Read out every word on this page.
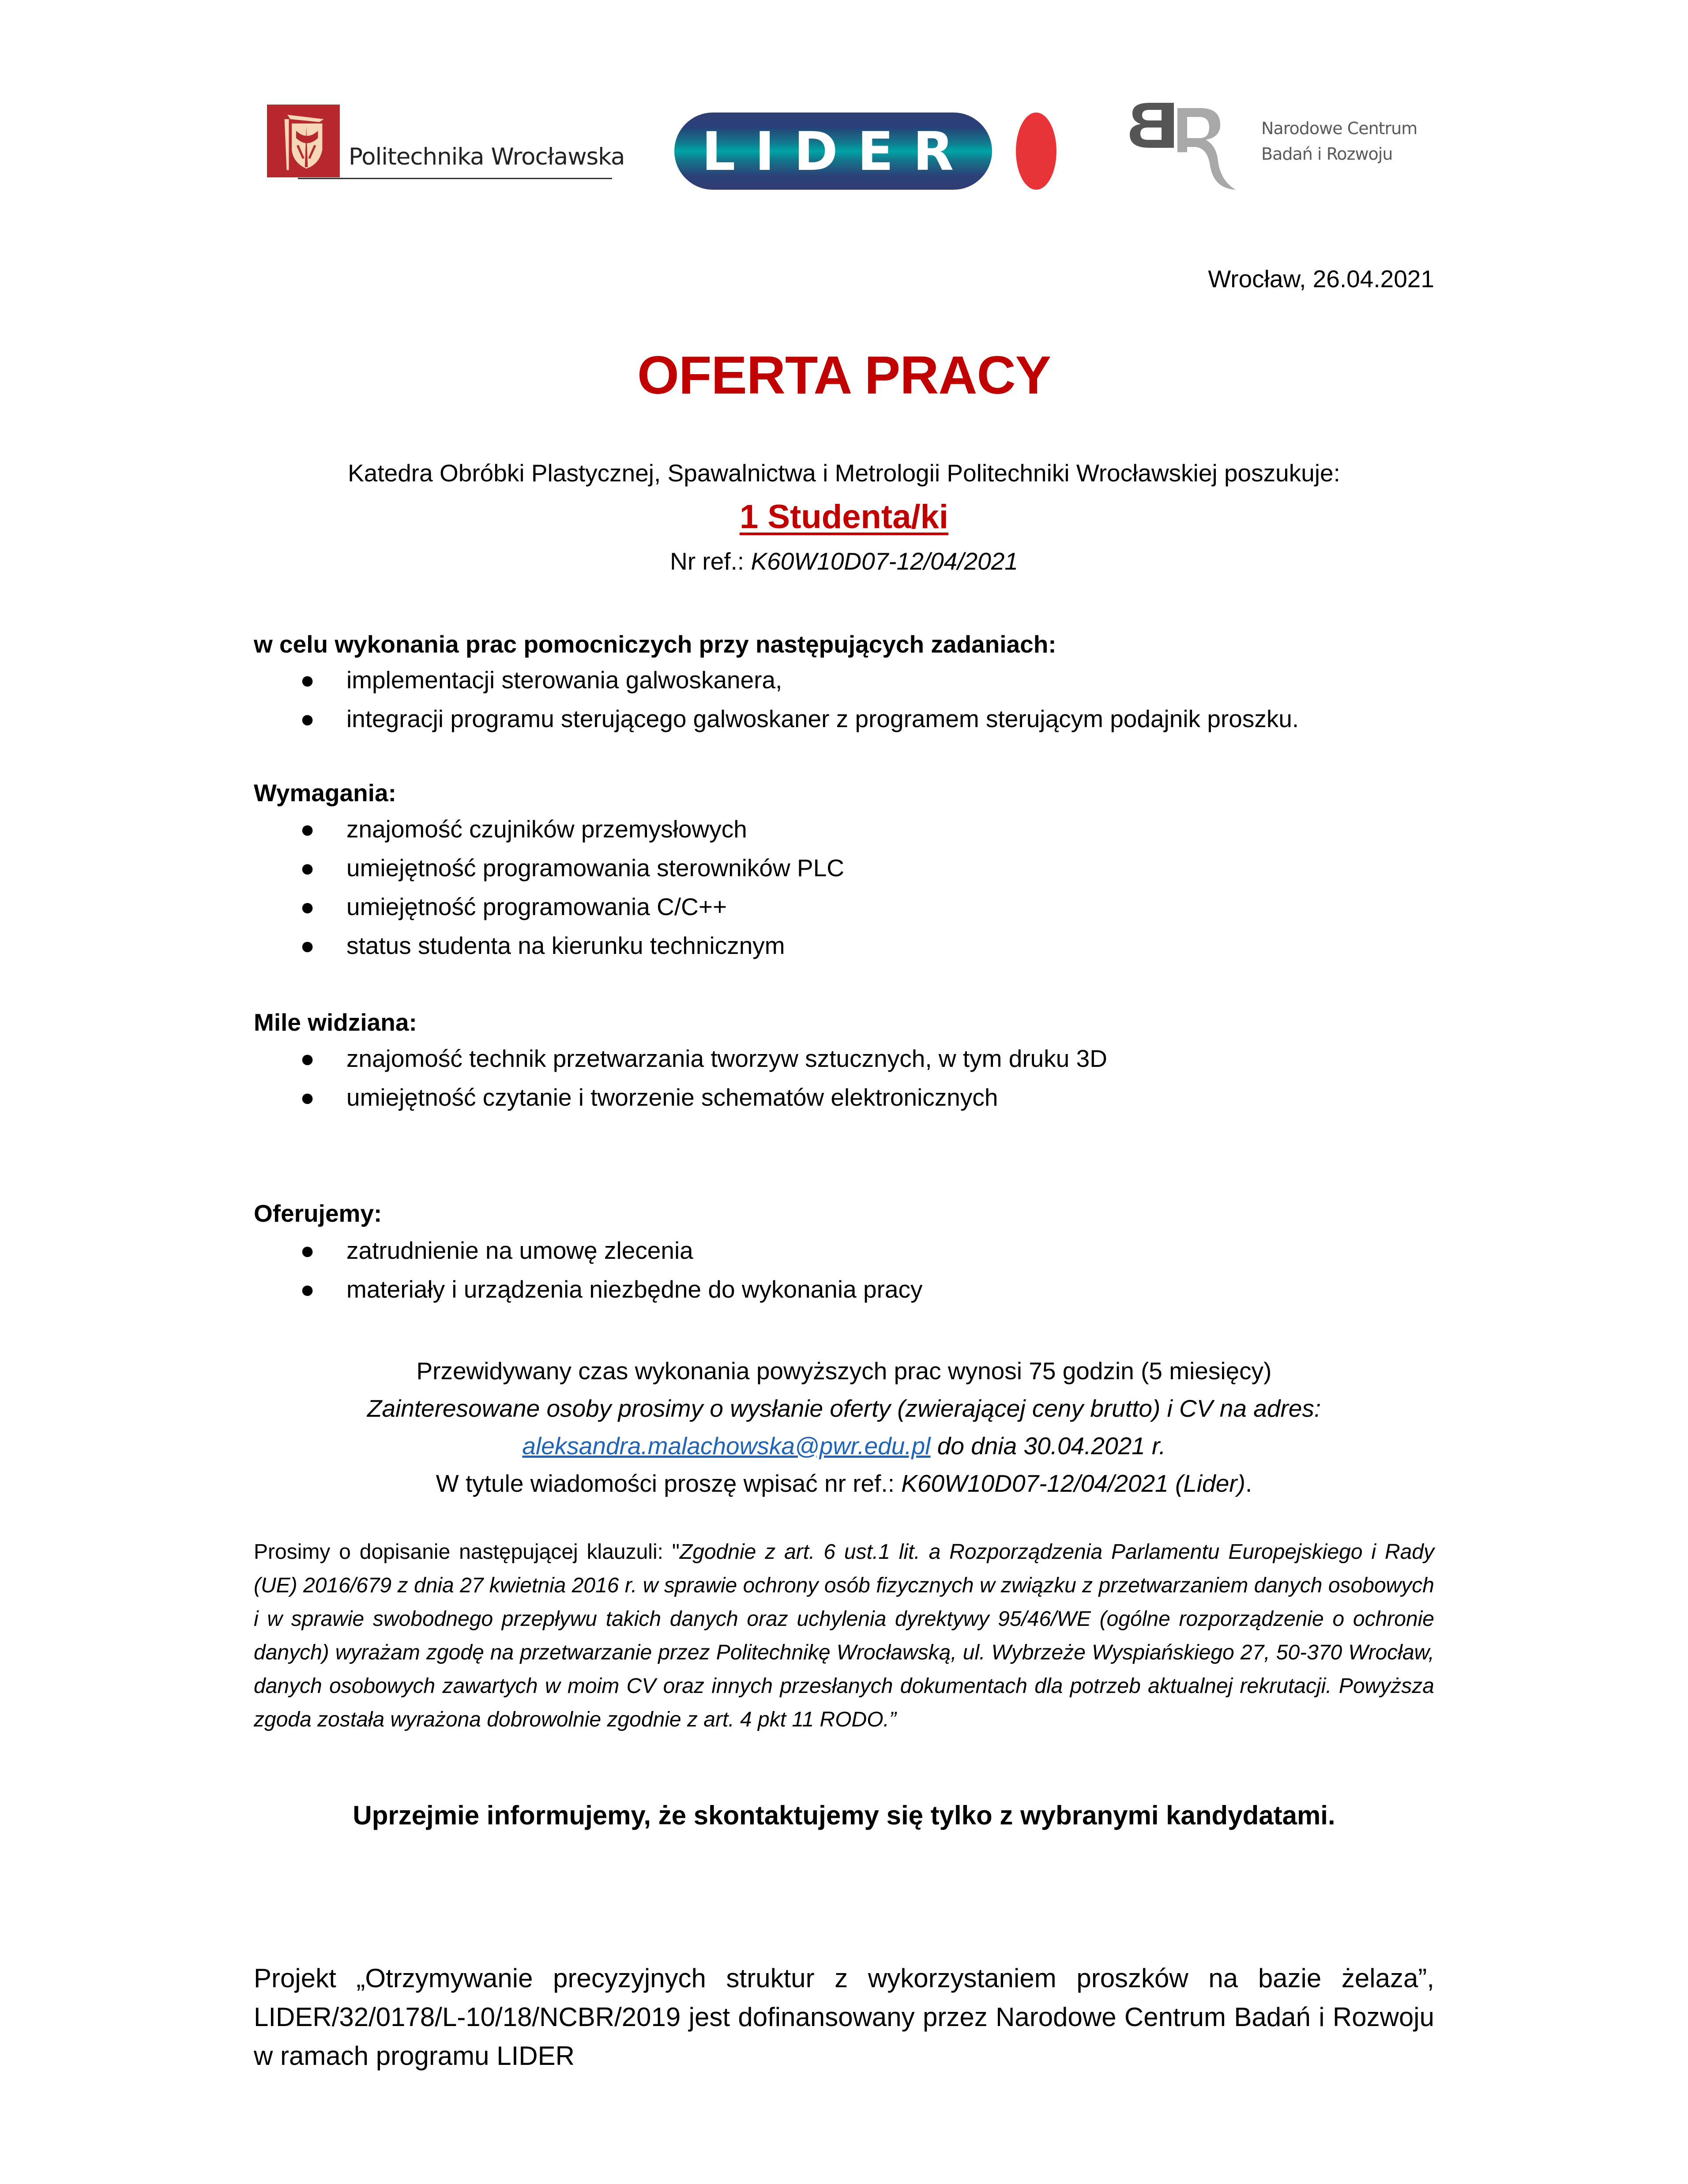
Politechnika Wrocławska LIDER	Narodowe Centrum
Badań i Rozwoju
Wrocław, 26.04.2021
OFERTA PRACY
Katedra Obróbki Plastycznej, Spawalnictwa i Metrologii Politechniki Wrocławskiej poszukuje:
1 Studenta/ki
Nr ref.: K60W10D07-12/04/2021
w celu wykonania prac pomocniczych przy następujących zadaniach:
● implementacji sterowania galwoskanera,
● integracji programu sterującego galwoskaner z programem sterującym podajnik proszku.
Wymagania:
● znajomość czujników przemysłowych
● umiejętność programowania sterowników PLC
● umiejętność programowania C/C++
● status studenta na kierunku technicznym
Mile widziana:
● znajomość technik przetwarzania tworzyw sztucznych, w tym druku 3D
● umiejętność czytanie i tworzenie schematów elektronicznych
Oferujemy:
● zatrudnienie na umowę zlecenia
● materiały i urządzenia niezbędne do wykonania pracy
Przewidywany czas wykonania powyższych prac wynosi 75 godzin (5 miesięcy)
Zainteresowane osoby prosimy o wysłanie oferty (zwierającej ceny brutto) i CV na adres:
aleksandra.malachowska@pwr.edu.pl do dnia 30.04.2021 r.
W tytule wiadomości proszę wpisać nr ref.: K60W10D07-12/04/2021 (Lider).
Prosimy o dopisanie następującej klauzuli: "Zgodnie z art. 6 ust.1 lit. a Rozporządzenia Parlamentu Europejskiego i Rady (UE) 2016/679 z dnia 27 kwietnia 2016 r. w sprawie ochrony osób fizycznych w związku z przetwarzaniem danych osobowych i w sprawie swobodnego przepływu takich danych oraz uchylenia dyrektywy 95/46/WE (ogólne rozporządzenie o ochronie danych) wyrażam zgodę na przetwarzanie przez Politechnikę Wrocławską, ul. Wybrzeże Wyspiańskiego 27, 50-370 Wrocław, danych osobowych zawartych w moim CV oraz innych przesłanych dokumentach dla potrzeb aktualnej rekrutacji. Powyższa zgoda została wyrażona dobrowolnie zgodnie z art. 4 pkt 11 RODO.”
Uprzejmie informujemy, że skontaktujemy się tylko z wybranymi kandydatami.
Projekt „Otrzymywanie precyzyjnych struktur z wykorzystaniem proszków na bazie żelaza”, LIDER/32/0178/L-10/18/NCBR/2019 jest dofinansowany przez Narodowe Centrum Badań i Rozwoju w ramach programu LIDER
